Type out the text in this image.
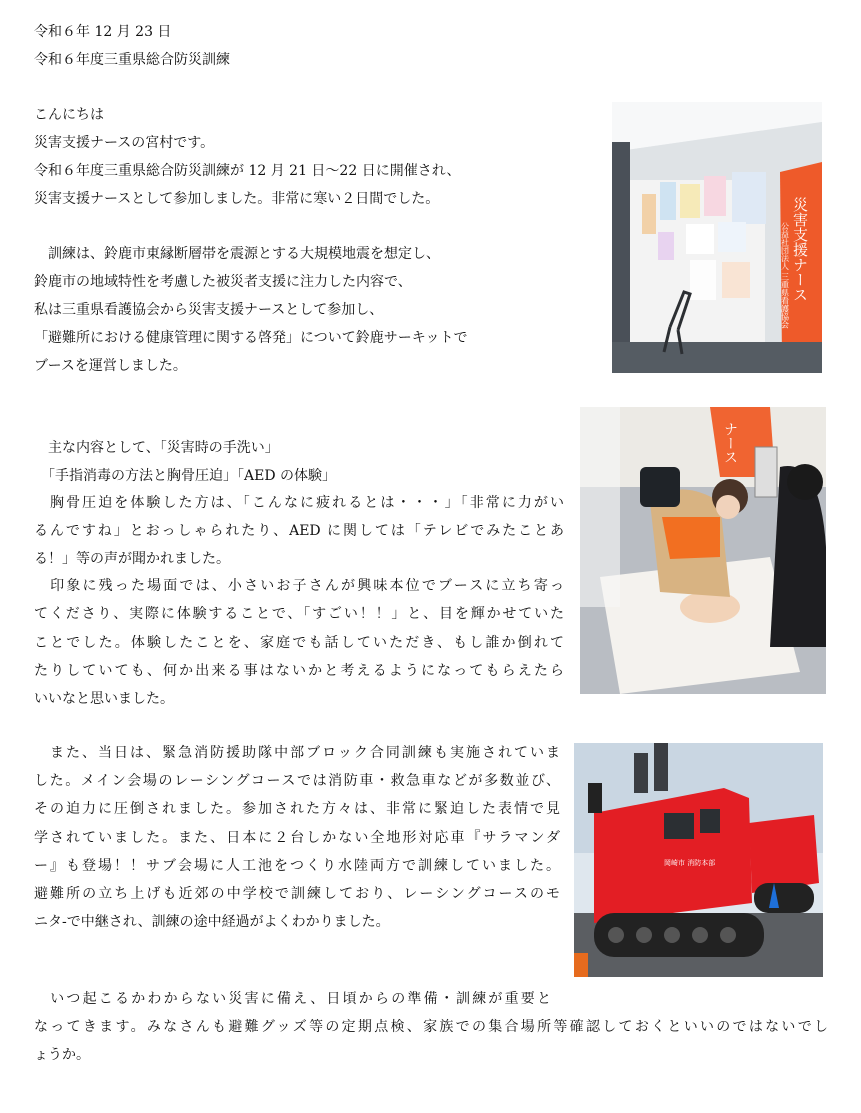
令和６年 12 月 23 日
令和６年度三重県総合防災訓練
こんにちは
災害支援ナースの宮村です。
令和６年度三重県総合防災訓練が 12 月 21 日～22 日に開催され、
災害支援ナースとして参加しました。非常に寒い２日間でした。
　訓練は、鈴鹿市東縁断層帯を震源とする大規模地震を想定し、
鈴鹿市の地域特性を考慮した被災者支援に注力した内容で、
私は三重県看護協会から災害支援ナースとして参加し、
「避難所における健康管理に関する啓発」について鈴鹿サーキットで
ブースを運営しました。
　主な内容として、「災害時の手洗い」
　「手指消毒の方法と胸骨圧迫」「AED の体験」
　胸骨圧迫を体験した方は、「こんなに疲れるとは・・・」「非常に力がい
るんですね」とおっしゃられたり、AED に関しては「テレビでみたことあ
る！」等の声が聞かれました。
　印象に残った場面では、小さいお子さんが興味本位でブースに立ち寄っ
てくださり、実際に体験することで、「すごい！！」と、目を輝かせていた
ことでした。体験したことを、家庭でも話していただき、もし誰か倒れて
たりしていても、何か出来る事はないかと考えるようになってもらえたら
いいなと思いました。
　また、当日は、緊急消防援助隊中部ブロック合同訓練も実施されていま
した。メイン会場のレーシングコースでは消防車・救急車などが多数並び、
その迫力に圧倒されました。参加された方々は、非常に緊迫した表情で見
学されていました。また、日本に２台しかない全地形対応車『サラマンダ
ー』も登場！！サブ会場に人工池をつくり水陸両方で訓練していました。
避難所の立ち上げも近郊の中学校で訓練しており、レーシングコースのモ
ニタ-で中継され、訓練の途中経過がよくわかりました。
　いつ起こるかわからない災害に備え、日頃からの準備・訓練が重要と
なってきます。みなさんも避難グッズ等の定期点検、家族での集合場所等確認しておくといいのではないでし
ょうか。
災害支援ナース
公益社団法人 三重県看護協会
ナース
岡崎市 消防本部
